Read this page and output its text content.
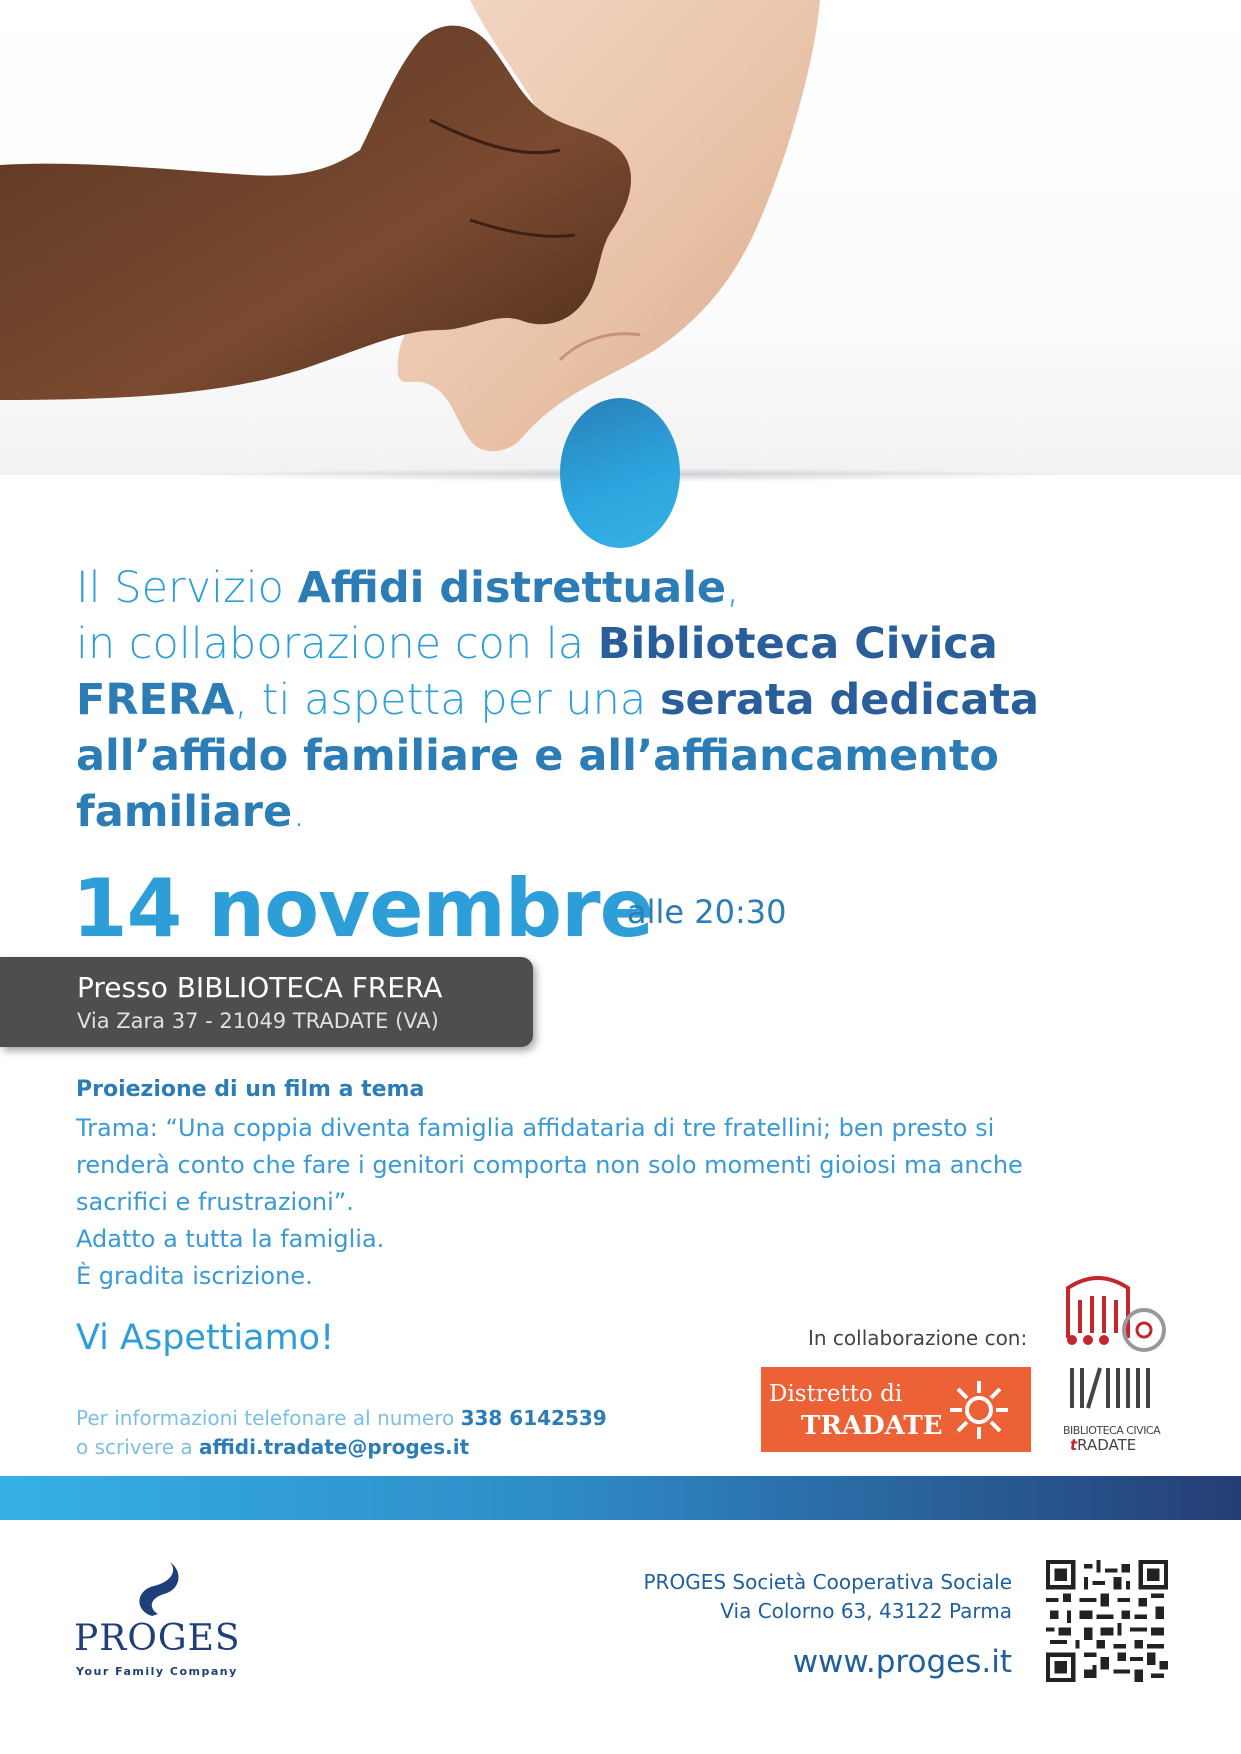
Il Servizio Affidi distrettuale,
in collaborazione con la Biblioteca Civica
FRERA, ti aspetta per una serata dedicata
all’affido familiare e all’affiancamento
familiare.
14 novembre
alle 20:30
Presso BIBLIOTECA FRERA
Via Zara 37 - 21049 TRADATE (VA)
Proiezione di un film a tema
Trama: “Una coppia diventa famiglia affidataria di tre fratellini; ben presto si
renderà conto che fare i genitori comporta non solo momenti gioiosi ma anche
sacrifici e frustrazioni”.
Adatto a tutta la famiglia.
È gradita iscrizione.
Vi Aspettiamo!
Per informazioni telefonare al numero 338 6142539
o scrivere a affidi.tradate@proges.it
In collaborazione con:
Distretto di
TRADATE	BIBLIOTECA CIVICA
tRADATE
PROGES
Your Family Company
PROGES Società Cooperativa Sociale
Via Colorno 63, 43122 Parma
www.proges.it
